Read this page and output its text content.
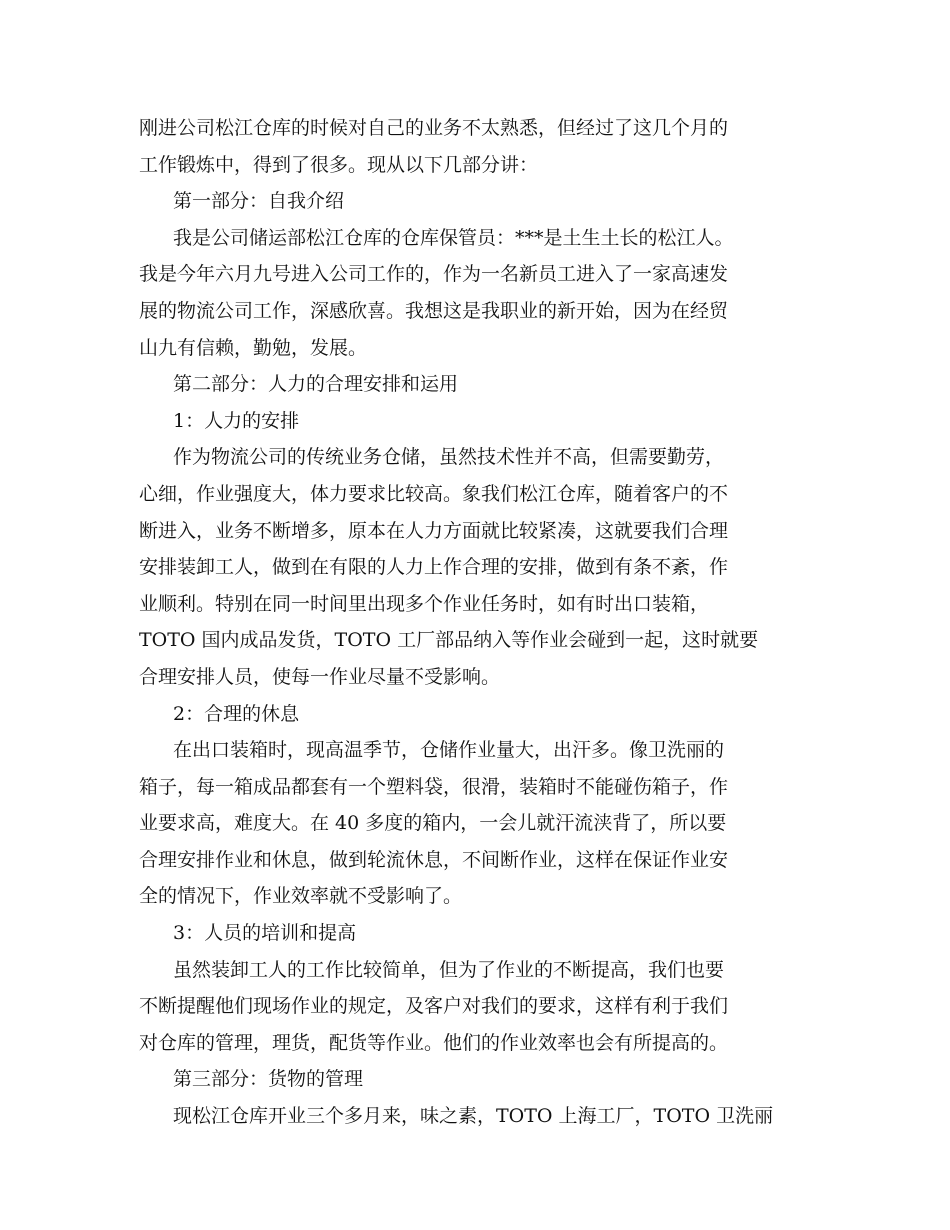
刚进公司松江仓库的时候对自己的业务不太熟悉，但经过了这几个月的
工作锻炼中，得到了很多。现从以下几部分讲：
第一部分：自我介绍
我是公司储运部松江仓库的仓库保管员：***是土生土长的松江人。
我是今年六月九号进入公司工作的，作为一名新员工进入了一家高速发
展的物流公司工作，深感欣喜。我想这是我职业的新开始，因为在经贸
山九有信赖，勤勉，发展。
第二部分：人力的合理安排和运用
1：人力的安排
作为物流公司的传统业务仓储，虽然技术性并不高，但需要勤劳，
心细，作业强度大，体力要求比较高。象我们松江仓库，随着客户的不
断进入，业务不断增多，原本在人力方面就比较紧凑，这就要我们合理
安排装卸工人，做到在有限的人力上作合理的安排，做到有条不紊，作
业顺利。特别在同一时间里出现多个作业任务时，如有时出口装箱，
TOTO 国内成品发货，TOTO 工厂部品纳入等作业会碰到一起，这时就要
合理安排人员，使每一作业尽量不受影响。
2：合理的休息
在出口装箱时，现高温季节，仓储作业量大，出汗多。像卫洗丽的
箱子，每一箱成品都套有一个塑料袋，很滑，装箱时不能碰伤箱子，作
业要求高，难度大。在 40 多度的箱内，一会儿就汗流浃背了，所以要
合理安排作业和休息，做到轮流休息，不间断作业，这样在保证作业安
全的情况下，作业效率就不受影响了。
3：人员的培训和提高
虽然装卸工人的工作比较简单，但为了作业的不断提高，我们也要
不断提醒他们现场作业的规定，及客户对我们的要求，这样有利于我们
对仓库的管理，理货，配货等作业。他们的作业效率也会有所提高的。
第三部分：货物的管理
现松江仓库开业三个多月来，味之素，TOTO 上海工厂，TOTO 卫洗丽
